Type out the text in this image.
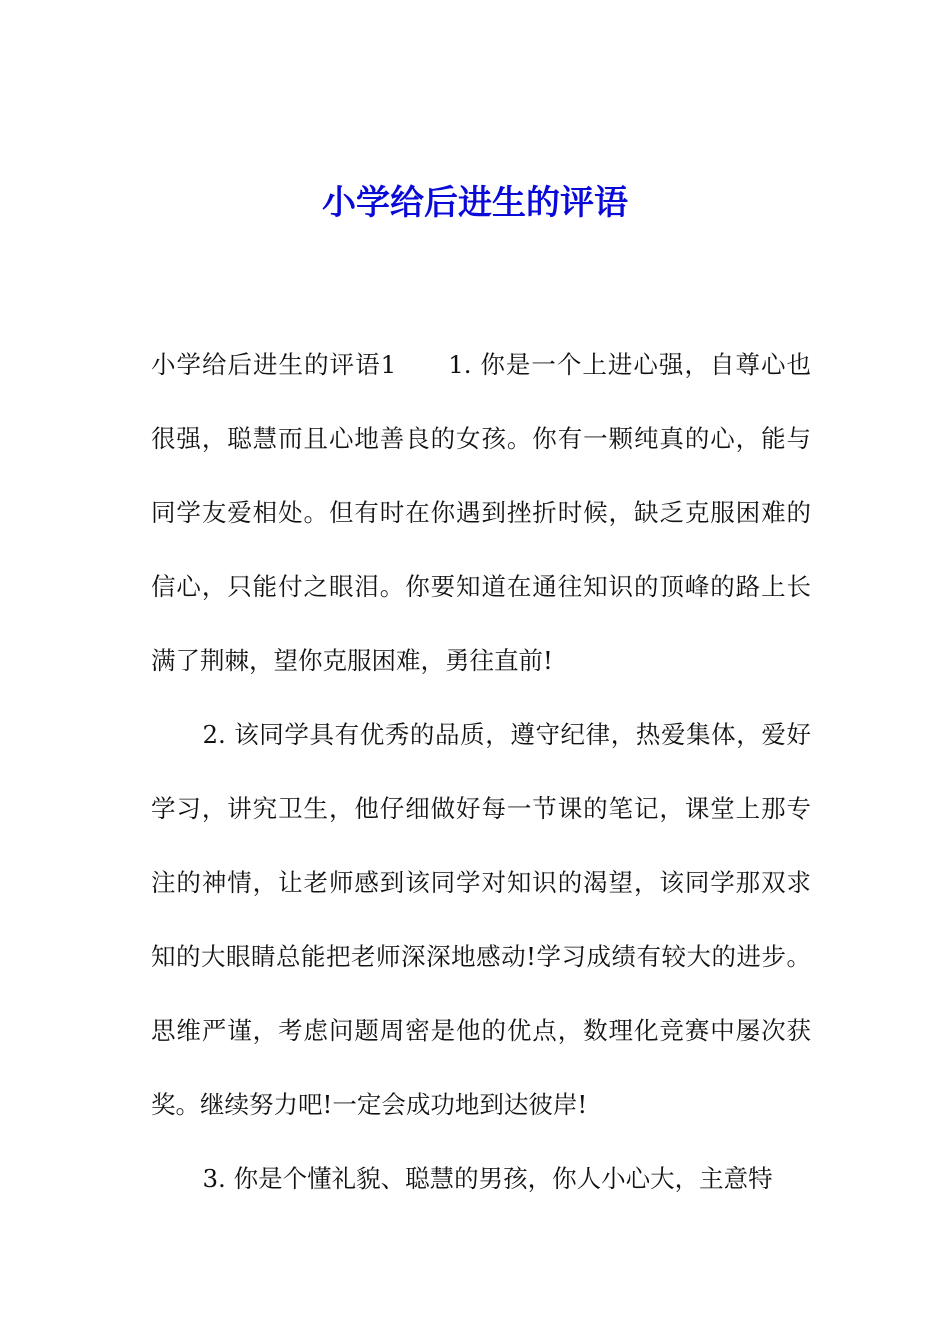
小学给后进生的评语

小学给后进生的评语1 1. 你是一个上进心强，自尊心也很强，聪慧而且心地善良的女孩。你有一颗纯真的心，能与同学友爱相处。但有时在你遇到挫折时候，缺乏克服困难的信心，只能付之眼泪。你要知道在通往知识的顶峰的路上长满了荆棘，望你克服困难，勇往直前!

2. 该同学具有优秀的品质，遵守纪律，热爱集体，爱好学习，讲究卫生，他仔细做好每一节课的笔记，课堂上那专注的神情，让老师感到该同学对知识的渴望，该同学那双求知的大眼睛总能把老师深深地感动!学习成绩有较大的进步。思维严谨，考虑问题周密是他的优点，数理化竞赛中屡次获奖。继续努力吧!一定会成功地到达彼岸!

3. 你是个懂礼貌、聪慧的男孩，你人小心大，主意特
